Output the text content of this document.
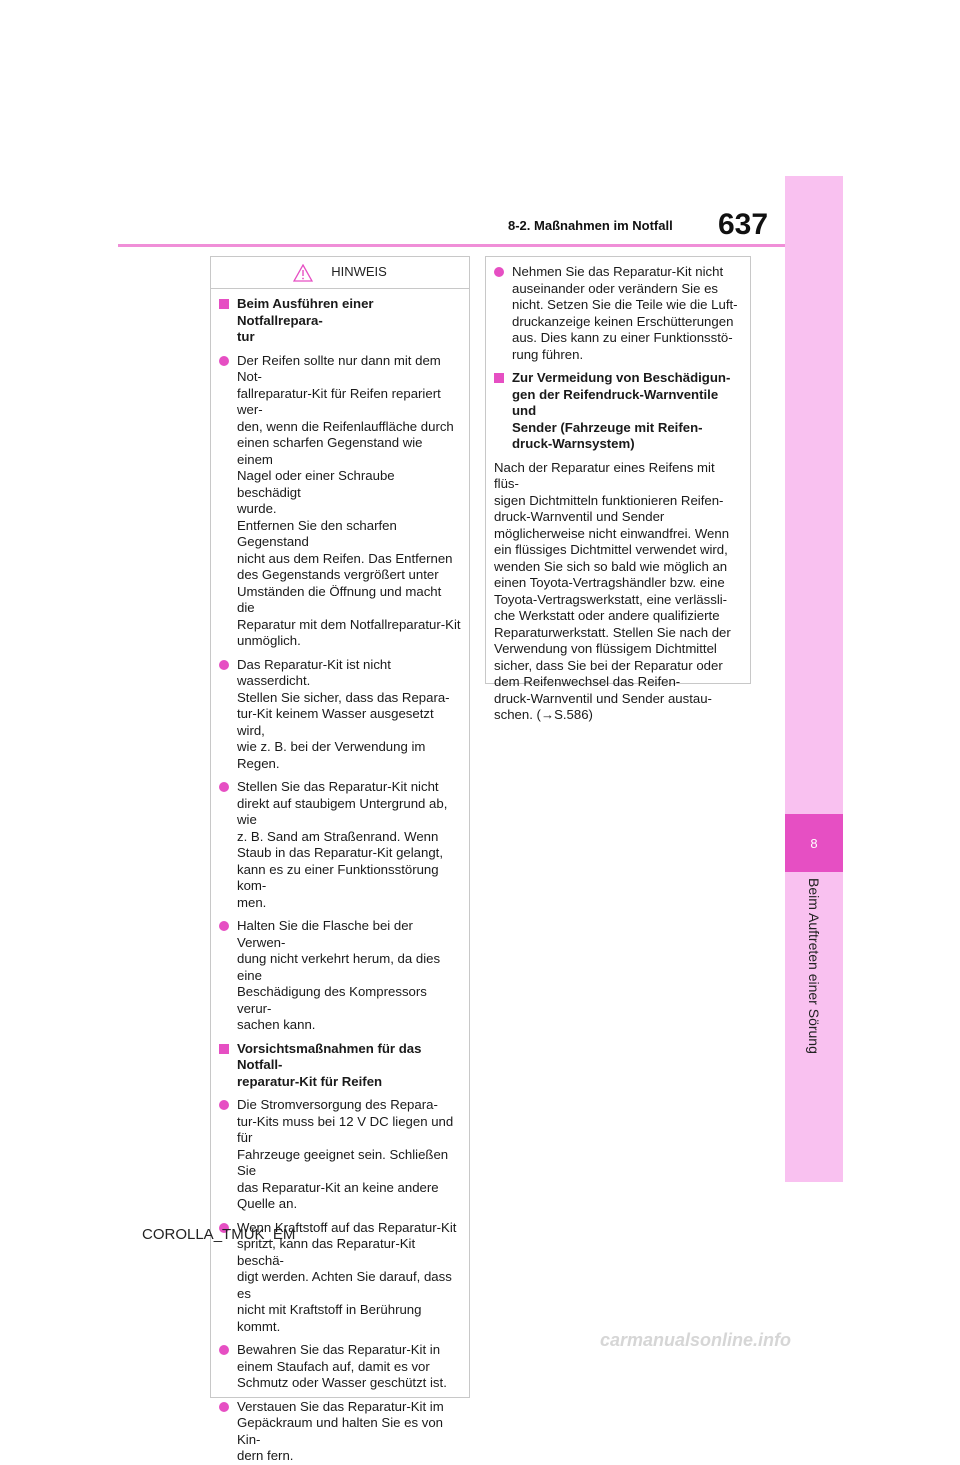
8
Beim Auftreten einer Sörung
8-2. Maßnahmen im Notfall 637
HINWEIS
Beim Ausführen einer Notfallrepara-
tur
Der Reifen sollte nur dann mit dem Not-
fallreparatur-Kit für Reifen repariert wer-
den, wenn die Reifenlauffläche durch
einen scharfen Gegenstand wie einem
Nagel oder einer Schraube beschädigt
wurde.
Entfernen Sie den scharfen Gegenstand
nicht aus dem Reifen. Das Entfernen
des Gegenstands vergrößert unter
Umständen die Öffnung und macht die
Reparatur mit dem Notfallreparatur-Kit
unmöglich.
Das Reparatur-Kit ist nicht wasserdicht.
Stellen Sie sicher, dass das Repara-
tur-Kit keinem Wasser ausgesetzt wird,
wie z. B. bei der Verwendung im Regen.
Stellen Sie das Reparatur-Kit nicht
direkt auf staubigem Untergrund ab, wie
z. B. Sand am Straßenrand. Wenn
Staub in das Reparatur-Kit gelangt,
kann es zu einer Funktionsstörung kom-
men.
Halten Sie die Flasche bei der Verwen-
dung nicht verkehrt herum, da dies eine
Beschädigung des Kompressors verur-
sachen kann.
Vorsichtsmaßnahmen für das Notfall-
reparatur-Kit für Reifen
Die Stromversorgung des Repara-
tur-Kits muss bei 12 V DC liegen und für
Fahrzeuge geeignet sein. Schließen Sie
das Reparatur-Kit an keine andere
Quelle an.
Wenn Kraftstoff auf das Reparatur-Kit
spritzt, kann das Reparatur-Kit beschä-
digt werden. Achten Sie darauf, dass es
nicht mit Kraftstoff in Berührung kommt.
Bewahren Sie das Reparatur-Kit in
einem Staufach auf, damit es vor
Schmutz oder Wasser geschützt ist.
Verstauen Sie das Reparatur-Kit im
Gepäckraum und halten Sie es von Kin-
dern fern.
Nehmen Sie das Reparatur-Kit nicht
auseinander oder verändern Sie es
nicht. Setzen Sie die Teile wie die Luft-
druckanzeige keinen Erschütterungen
aus. Dies kann zu einer Funktionsstö-
rung führen.
Zur Vermeidung von Beschädigun-
gen der Reifendruck-Warnventile und
Sender (Fahrzeuge mit Reifen-
druck-Warnsystem)
Nach der Reparatur eines Reifens mit flüs-
sigen Dichtmitteln funktionieren Reifen-
druck-Warnventil und Sender
möglicherweise nicht einwandfrei. Wenn
ein flüssiges Dichtmittel verwendet wird,
wenden Sie sich so bald wie möglich an
einen Toyota-Vertragshändler bzw. eine
Toyota-Vertragswerkstatt, eine verlässli-
che Werkstatt oder andere qualifizierte
Reparaturwerkstatt. Stellen Sie nach der
Verwendung von flüssigem Dichtmittel
sicher, dass Sie bei der Reparatur oder
dem Reifenwechsel das Reifen-
druck-Warnventil und Sender austau-
schen. (→S.586)
COROLLA_TMUK_EM
carmanualsonline.info
